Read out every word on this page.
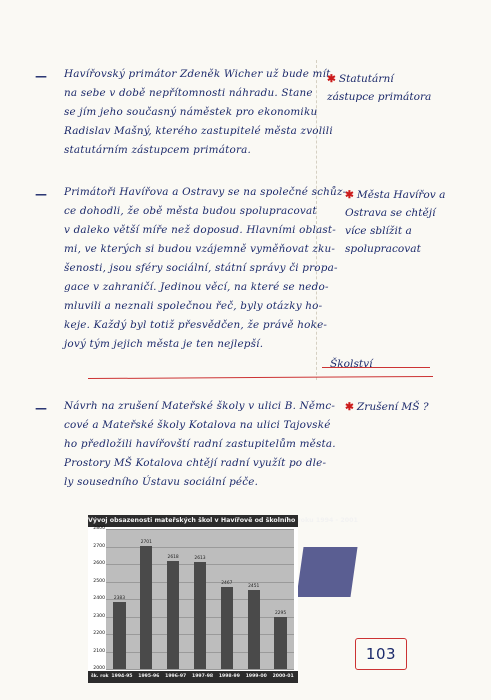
— Havířovský primátor Zdeněk Wicher už bude mít
na sebe v době nepřítomnosti náhradu. Stane
se jím jeho současný náměstek pro ekonomiku
Radislav Mašný, kterého zastupitelé města zvolili
statutárním zástupcem primátora.
✱ Statutární
zástupce primátora
— Primátoři Havířova a Ostravy se na společné schůz-
ce dohodli, že obě města budou spolupracovat
v daleko větší míře než doposud. Hlavními oblast-
mi, ve kterých si budou vzájemně vyměňovat zku-
šenosti, jsou sféry sociální, státní správy či propa-
gace v zahraničí. Jedinou věcí, na které se nedo-
mluvili a neznali společnou řeč, byly otázky ho-
keje. Každý byl totiž přesvědčen, že právě hoke-
jový tým jejich města je ten nejlepší.
✱ Města Havířov a
Ostrava se chtějí
více sblížit a
spolupracovat
Školství
— Návrh na zrušení Mateřské školy v ulici B. Němc-
cové a Mateřské školy Kotalova na ulici Tajovské
ho předložili havířovští radní zastupitelům města.
Prostory MŠ Kotalova chtějí radní využít po dle-
ly sousedního Ústavu sociální péče.
✱ Zrušení MŠ ?
Vývoj obsazenosti mateřských škol v Havířově od školního roku 1994 - 2001
2000
2100
2200
2300
2400
2500
2600
2700
2800
2383
2701
2618	2613
2467
2451
2295
šk. rok 1994-95 1995-96 1996-97 1997-98 1998-99 1999-00 2000-01
103
